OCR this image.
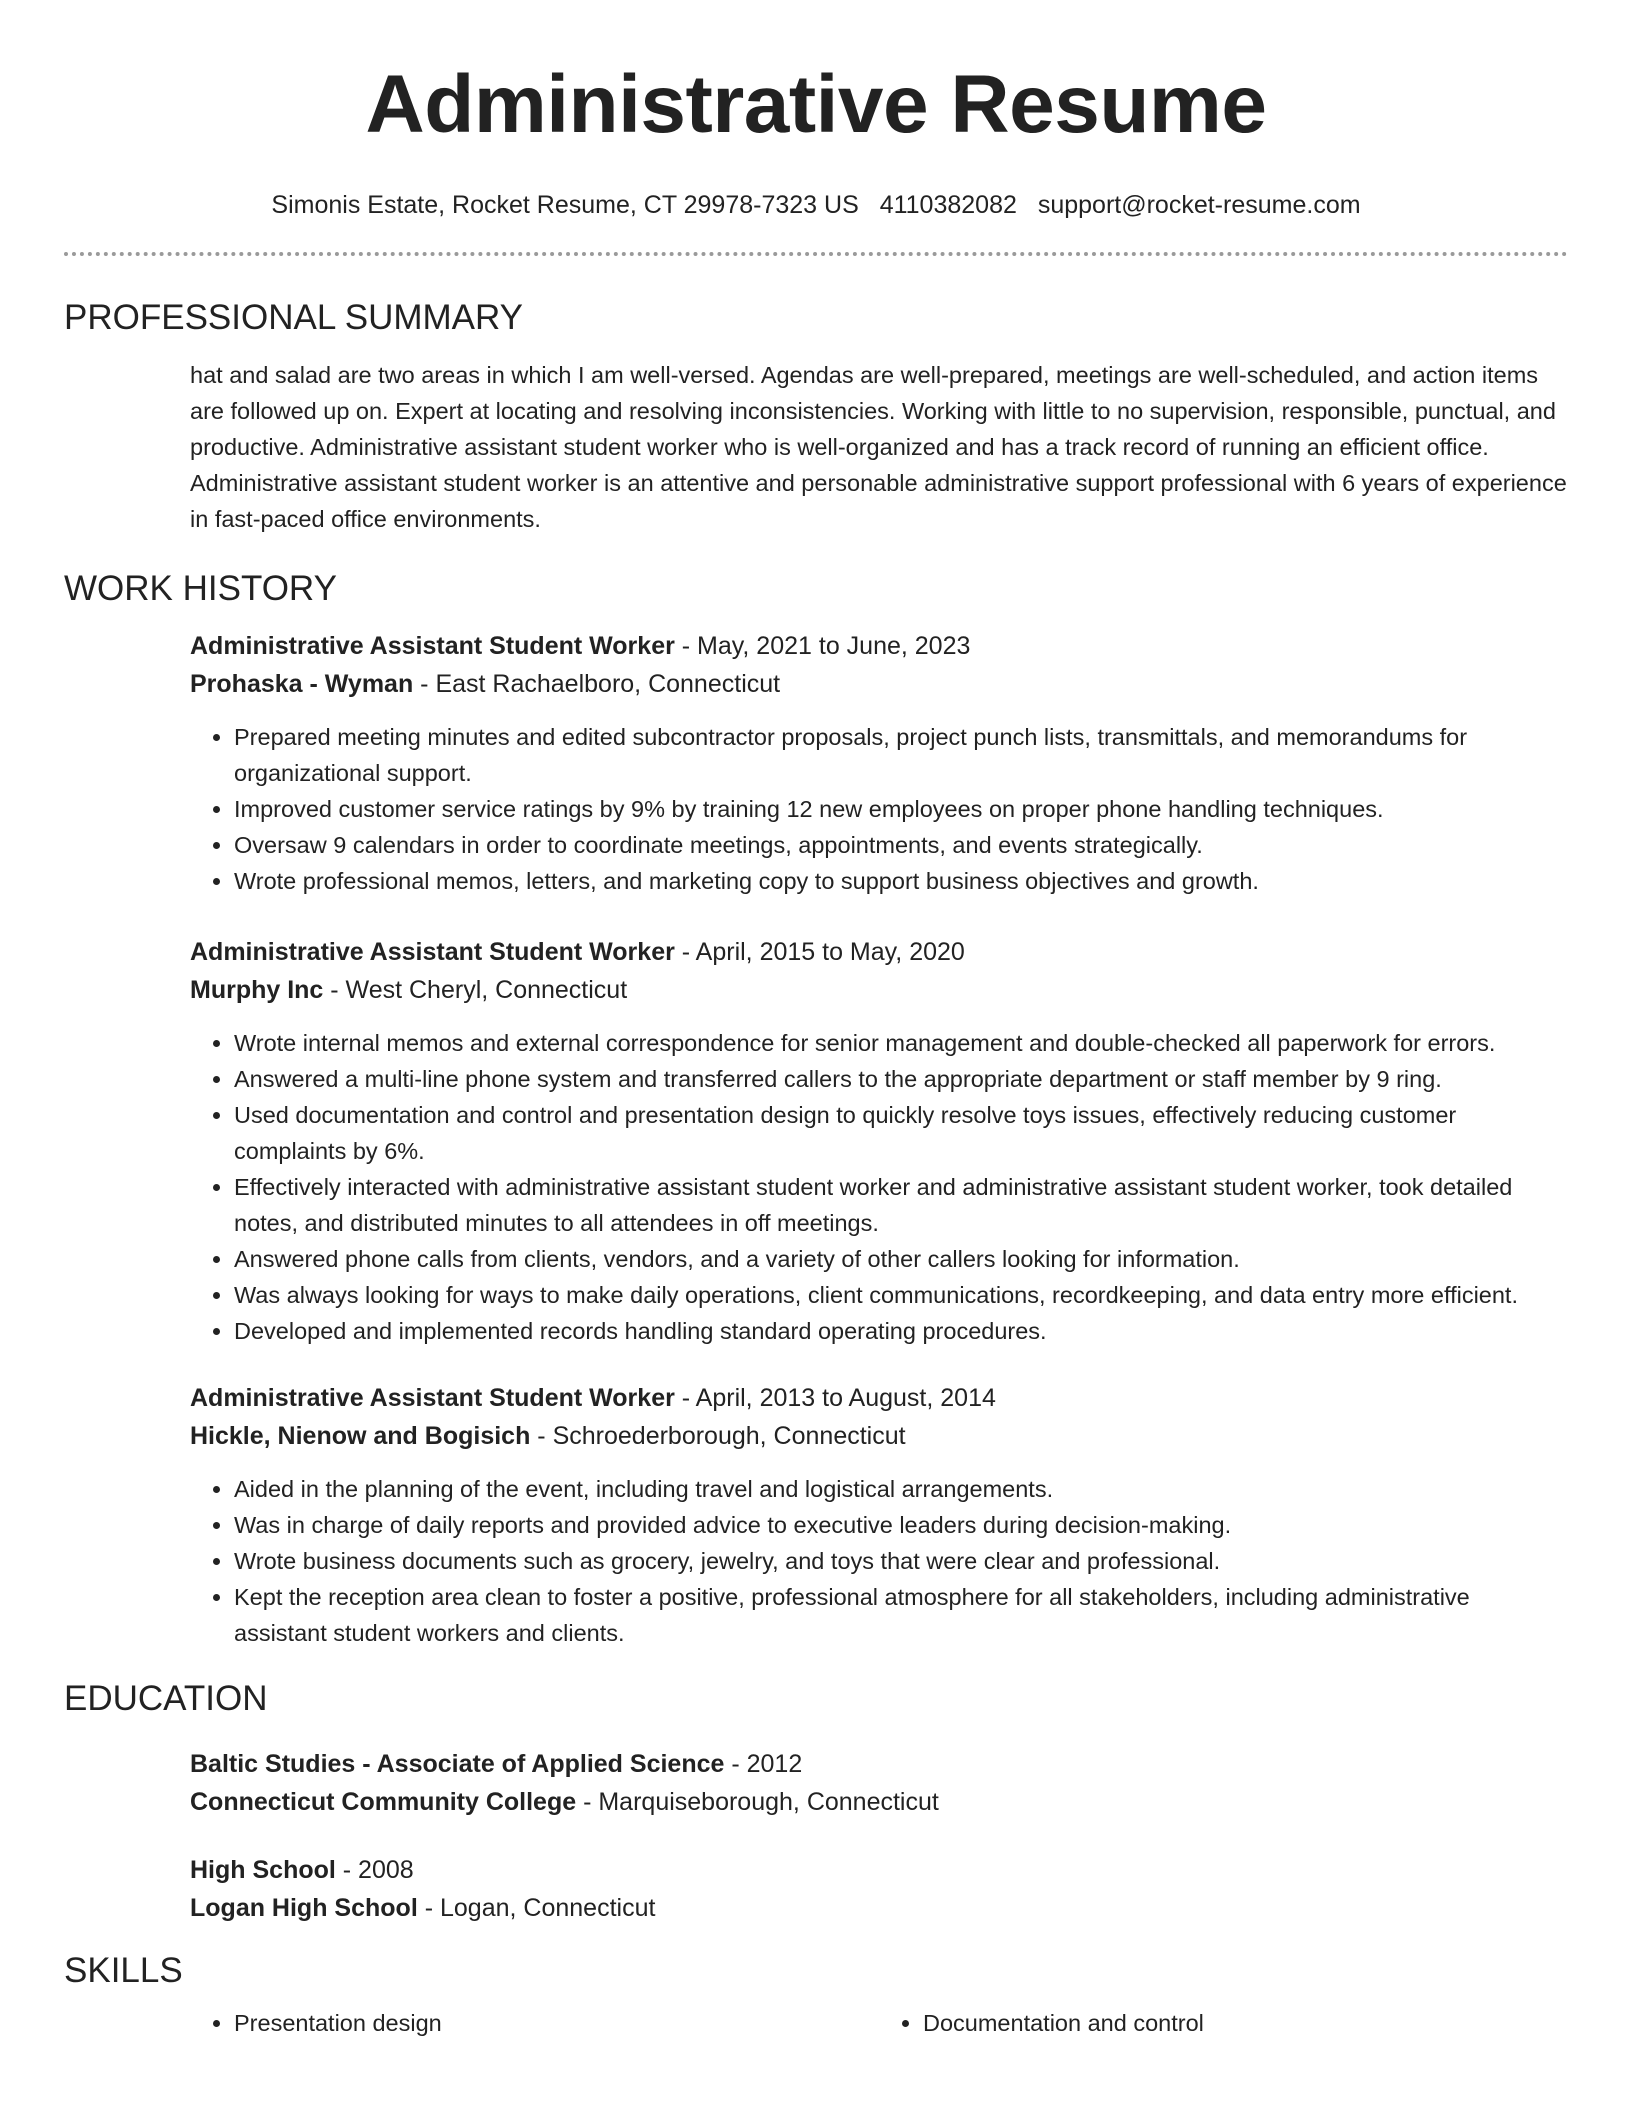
Administrative Resume
Simonis Estate, Rocket Resume, CT 29978-7323 US 4110382082 support@rocket-resume.com
PROFESSIONAL SUMMARY

hat and salad are two areas in which I am well-versed. Agendas are well-prepared, meetings are well-scheduled, and action items are followed up on. Expert at locating and resolving inconsistencies. Working with little to no supervision, responsible, punctual, and productive. Administrative assistant student worker who is well-organized and has a track record of running an efficient office. Administrative assistant student worker is an attentive and personable administrative support professional with 6 years of experience in fast-paced office environments.

WORK HISTORY

Administrative Assistant Student Worker - May, 2021 to June, 2023

Prohaska - Wyman - East Rachaelboro, Connecticut

• Prepared meeting minutes and edited subcontractor proposals, project punch lists, transmittals, and memorandums for organizational support.
• Improved customer service ratings by 9% by training 12 new employees on proper phone handling techniques.
• Oversaw 9 calendars in order to coordinate meetings, appointments, and events strategically.
• Wrote professional memos, letters, and marketing copy to support business objectives and growth.

Administrative Assistant Student Worker - April, 2015 to May, 2020

Murphy Inc - West Cheryl, Connecticut

• Wrote internal memos and external correspondence for senior management and double-checked all paperwork for errors.
• Answered a multi-line phone system and transferred callers to the appropriate department or staff member by 9 ring.
• Used documentation and control and presentation design to quickly resolve toys issues, effectively reducing customer complaints by 6%.
• Effectively interacted with administrative assistant student worker and administrative assistant student worker, took detailed notes, and distributed minutes to all attendees in off meetings.
• Answered phone calls from clients, vendors, and a variety of other callers looking for information.
• Was always looking for ways to make daily operations, client communications, recordkeeping, and data entry more efficient.
• Developed and implemented records handling standard operating procedures.

Administrative Assistant Student Worker - April, 2013 to August, 2014

Hickle, Nienow and Bogisich - Schroederborough, Connecticut

• Aided in the planning of the event, including travel and logistical arrangements.
• Was in charge of daily reports and provided advice to executive leaders during decision-making.
• Wrote business documents such as grocery, jewelry, and toys that were clear and professional.
• Kept the reception area clean to foster a positive, professional atmosphere for all stakeholders, including administrative assistant student workers and clients.
EDUCATION

Baltic Studies - Associate of Applied Science - 2012

Connecticut Community College - Marquiseborough, Connecticut

High School - 2008

Logan High School - Logan, Connecticut

SKILLS
• Presentation design
•	Documentation and control
